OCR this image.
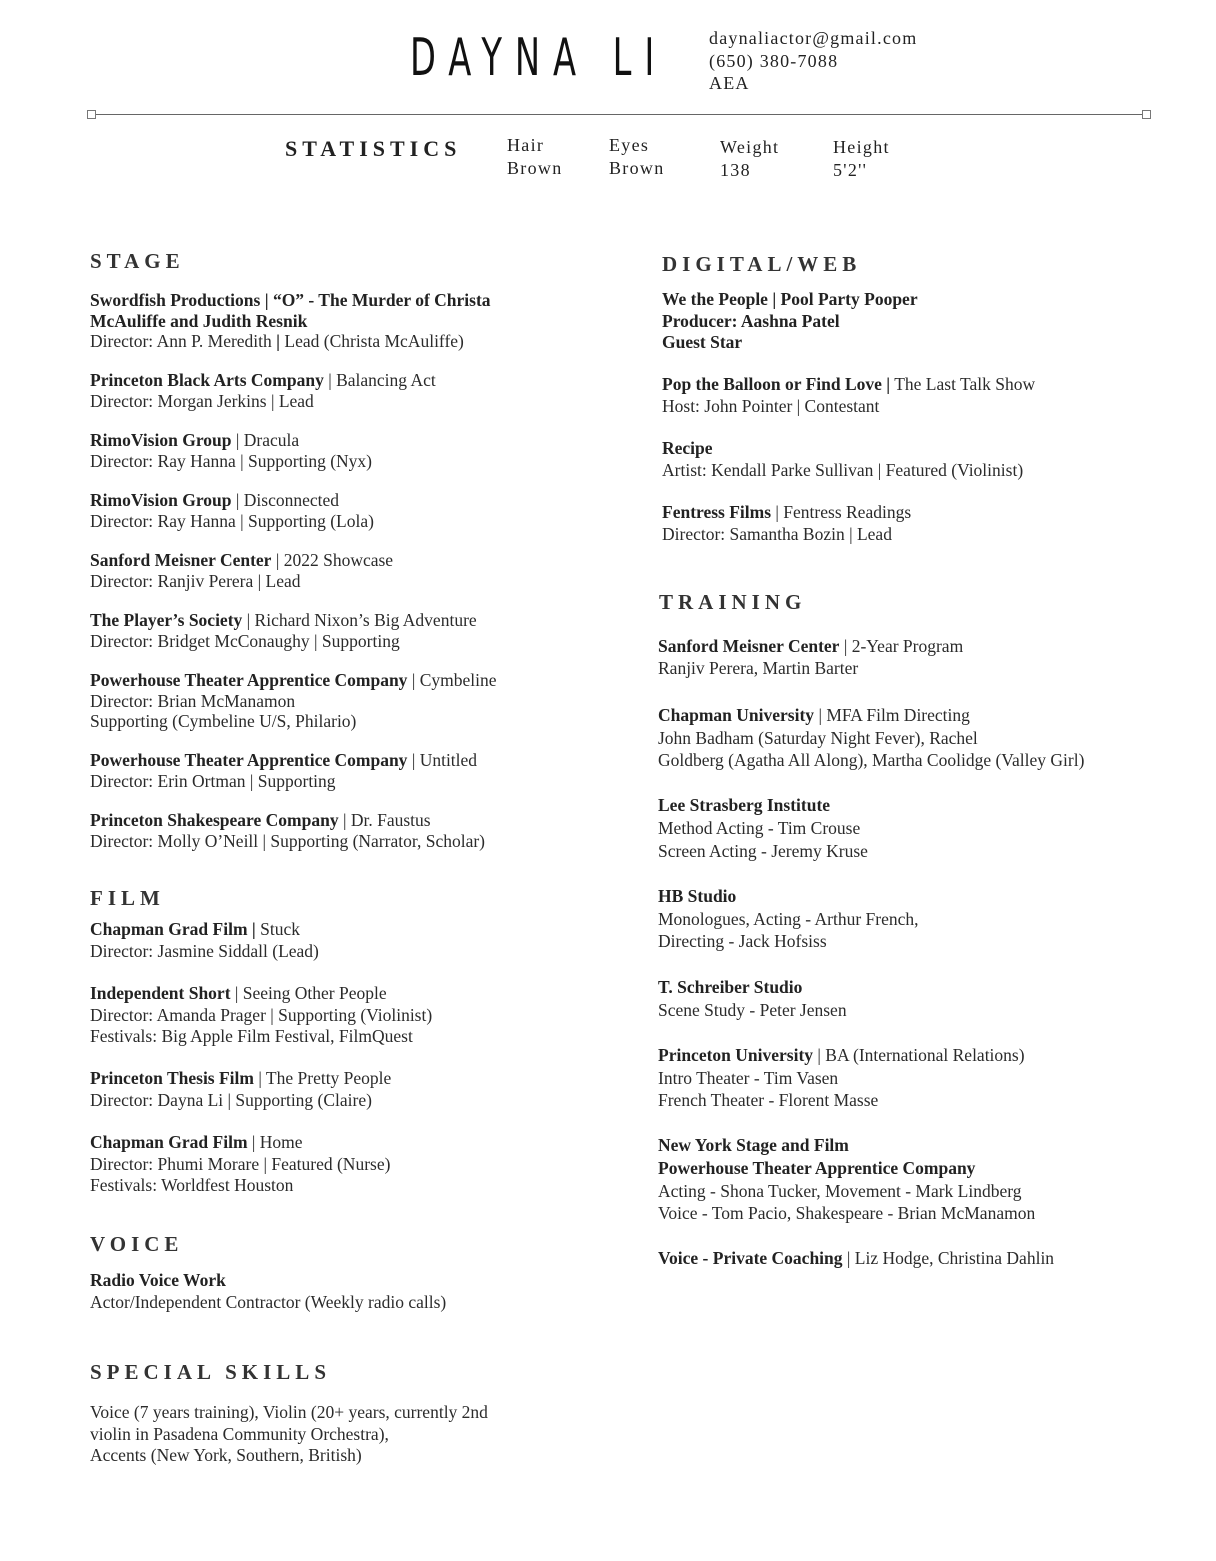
DAYNA LI daynaliactor@gmail.com
(650) 380-7088
AEA
STATISTICS	Hair
Brown
Eyes
Brown
Weight
138
Height
5'2''
STAGE
Swordfish Productions | “O” - The Murder of Christa
McAuliffe and Judith Resnik
Director: Ann P. Meredith | Lead (Christa McAuliffe)
Princeton Black Arts Company | Balancing Act
Director: Morgan Jerkins | Lead
RimoVision Group | Dracula
Director: Ray Hanna | Supporting (Nyx)
RimoVision Group | Disconnected
Director: Ray Hanna | Supporting (Lola)
Sanford Meisner Center | 2022 Showcase
Director: Ranjiv Perera | Lead
The Player’s Society | Richard Nixon’s Big Adventure
Director: Bridget McConaughy | Supporting
Powerhouse Theater Apprentice Company | Cymbeline
Director: Brian McManamon
Supporting (Cymbeline U/S, Philario)
Powerhouse Theater Apprentice Company | Untitled
Director: Erin Ortman | Supporting
Princeton Shakespeare Company | Dr. Faustus
Director: Molly O’Neill | Supporting (Narrator, Scholar)
FILM
Chapman Grad Film | Stuck
Director: Jasmine Siddall (Lead)
Independent Short | Seeing Other People
Director: Amanda Prager | Supporting (Violinist)
Festivals: Big Apple Film Festival, FilmQuest
Princeton Thesis Film | The Pretty People
Director: Dayna Li | Supporting (Claire)
Chapman Grad Film | Home
Director: Phumi Morare | Featured (Nurse)
Festivals: Worldfest Houston
VOICE
Radio Voice Work
Actor/Independent Contractor (Weekly radio calls)
SPECIAL SKILLS
Voice (7 years training), Violin (20+ years, currently 2nd
violin in Pasadena Community Orchestra),
Accents (New York, Southern, British)
DIGITAL/WEB
We the People | Pool Party Pooper
Producer: Aashna Patel
Guest Star
Pop the Balloon or Find Love | The Last Talk Show
Host: John Pointer | Contestant
Recipe
Artist: Kendall Parke Sullivan | Featured (Violinist)
Fentress Films | Fentress Readings
Director: Samantha Bozin | Lead
TRAINING
Sanford Meisner Center | 2-Year Program
Ranjiv Perera, Martin Barter
Chapman University | MFA Film Directing
John Badham (Saturday Night Fever), Rachel
Goldberg (Agatha All Along), Martha Coolidge (Valley Girl)
Lee Strasberg Institute
Method Acting - Tim Crouse
Screen Acting - Jeremy Kruse
HB Studio
Monologues, Acting - Arthur French,
Directing - Jack Hofsiss
T. Schreiber Studio
Scene Study - Peter Jensen
Princeton University | BA (International Relations)
Intro Theater - Tim Vasen
French Theater - Florent Masse
New York Stage and Film
Powerhouse Theater Apprentice Company
Acting - Shona Tucker, Movement - Mark Lindberg
Voice - Tom Pacio, Shakespeare - Brian McManamon
Voice - Private Coaching | Liz Hodge, Christina Dahlin
